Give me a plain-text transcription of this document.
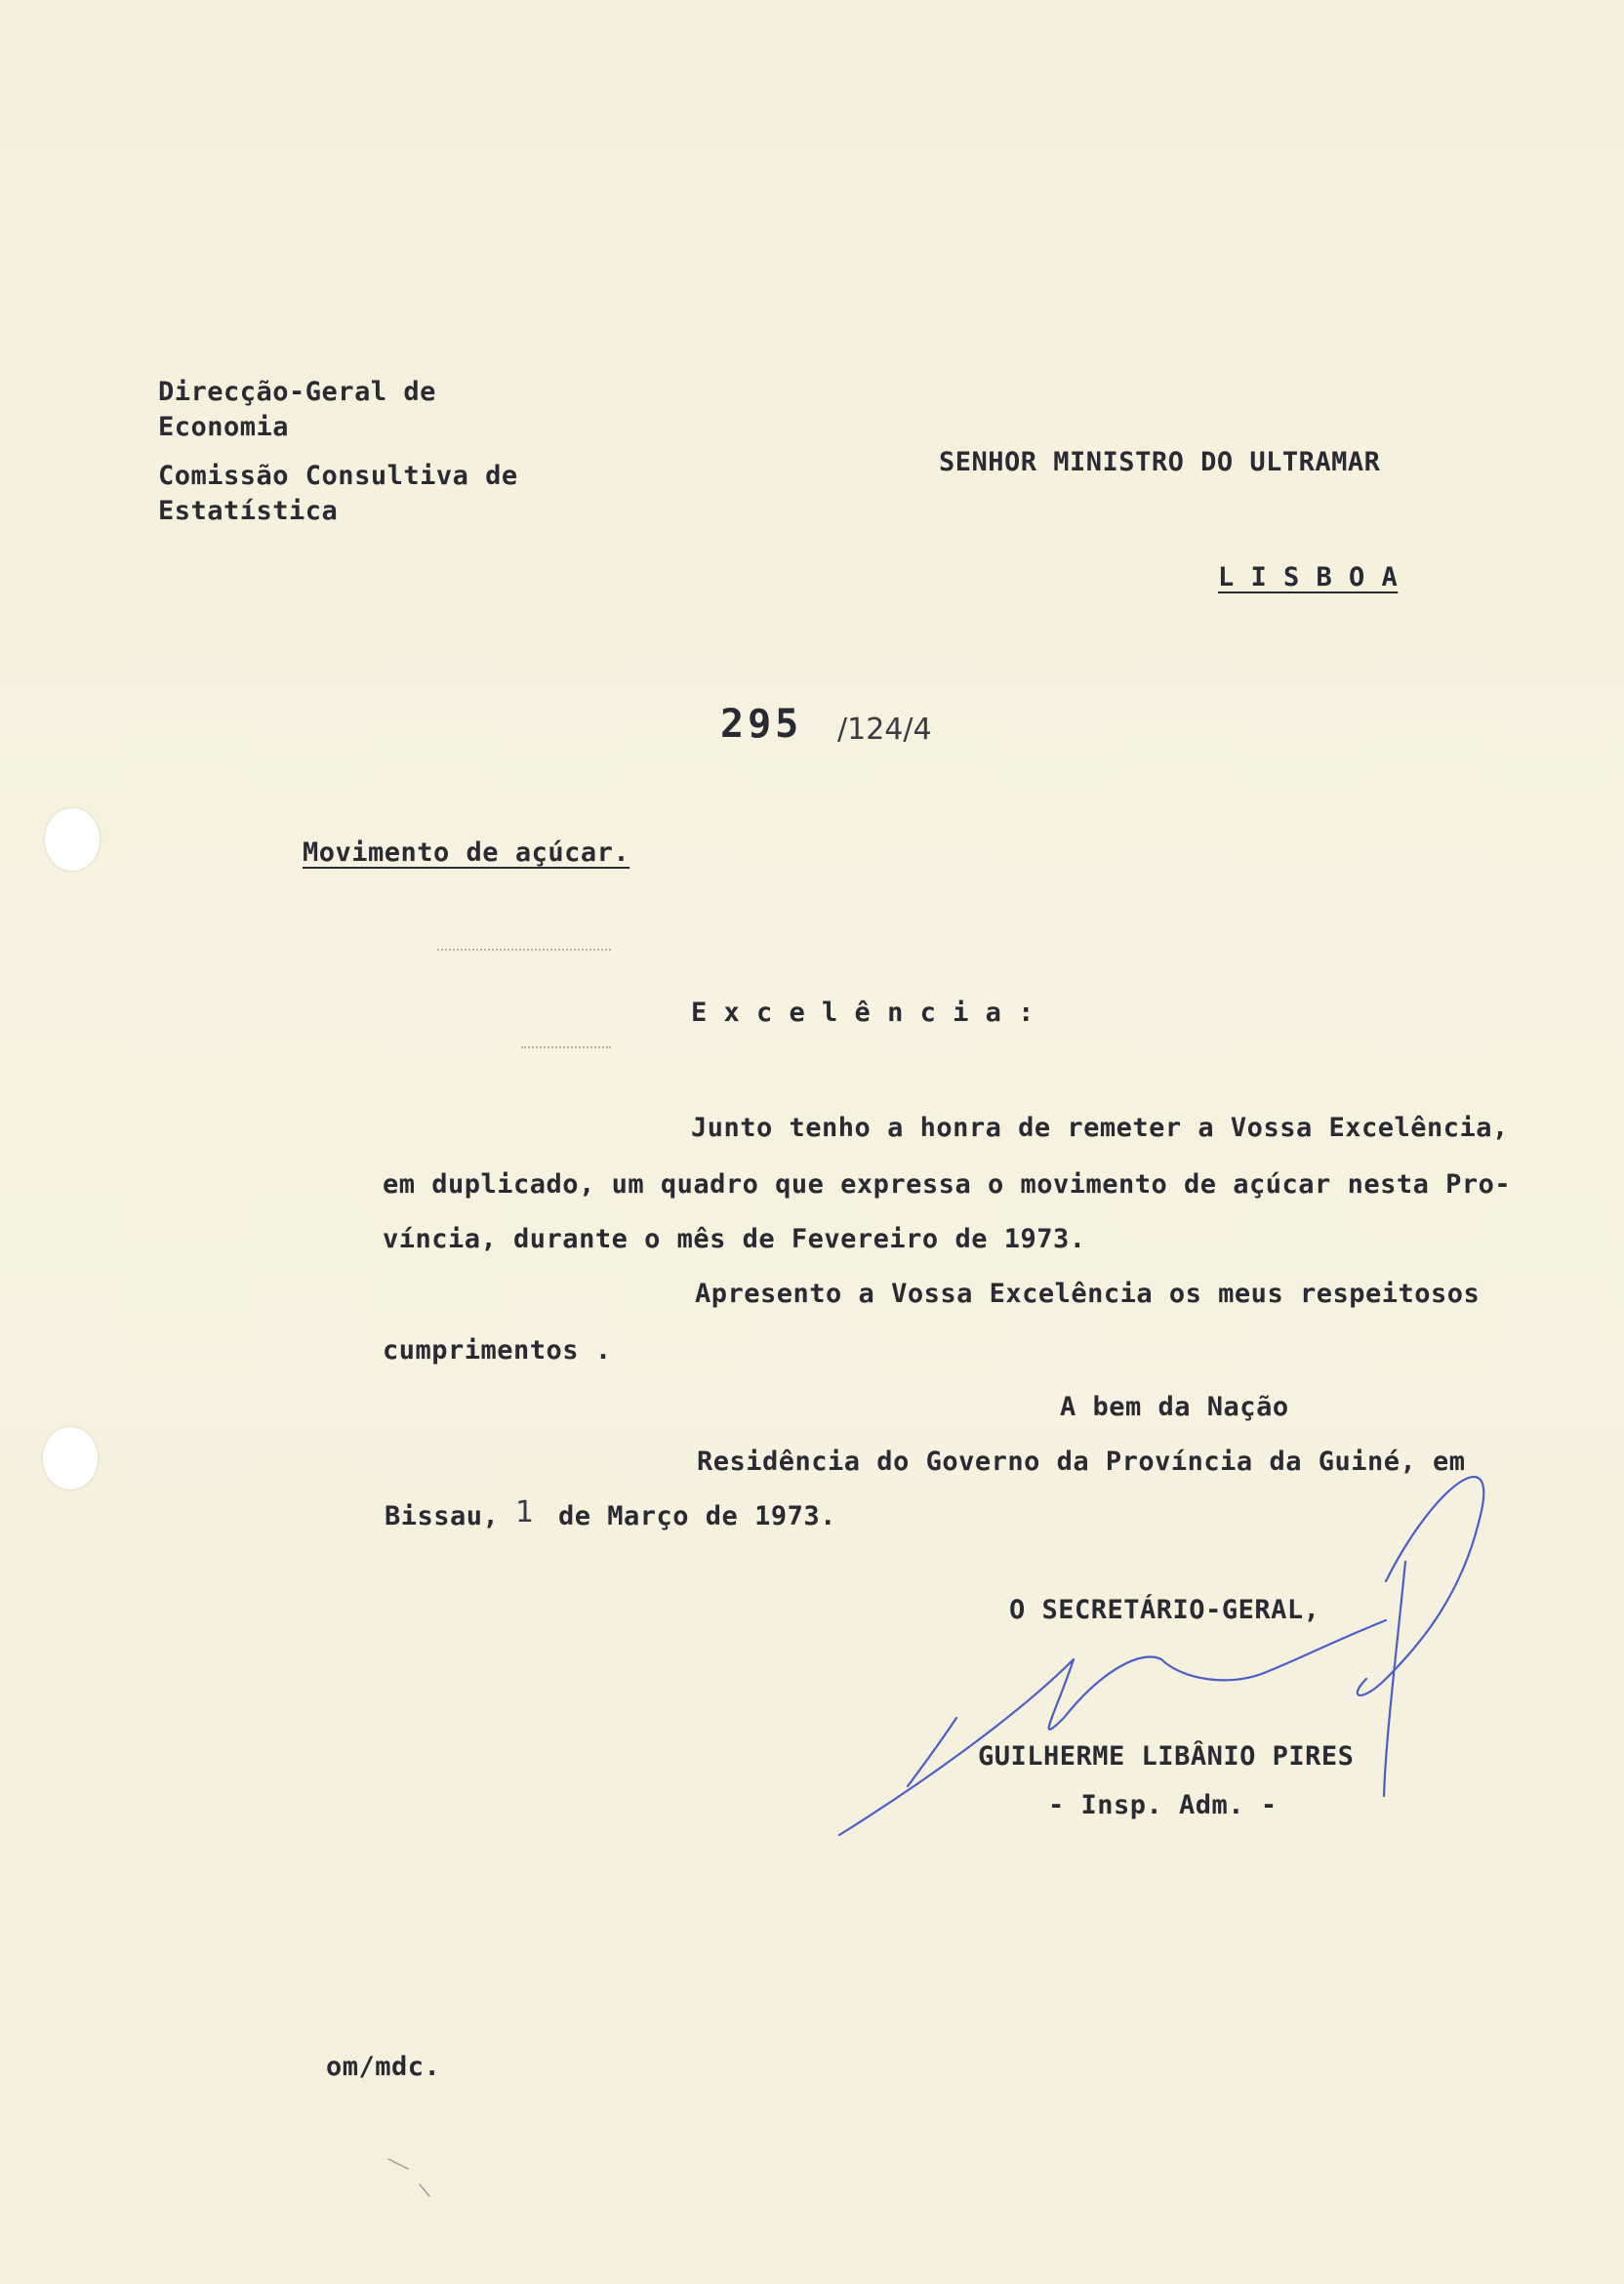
Direcção-Geral de
Economia
Comissão Consultiva de
Estatística
SENHOR MINISTRO DO ULTRAMAR
L I S B O A
295 /124/4
Movimento de açúcar.
E x c e l ê n c i a :
Junto tenho a honra de remeter a Vossa Excelência,
em duplicado, um quadro que expressa o movimento de açúcar nesta Pro-
víncia, durante o mês de Fevereiro de 1973.
Apresento a Vossa Excelência os meus respeitosos
cumprimentos .
A bem da Nação
Residência do Governo da Província da Guiné, em
Bissau, 1 de Março de 1973.
O SECRETÁRIO-GERAL,
GUILHERME LIBÂNIO PIRES
- Insp. Adm. -
om/mdc.
